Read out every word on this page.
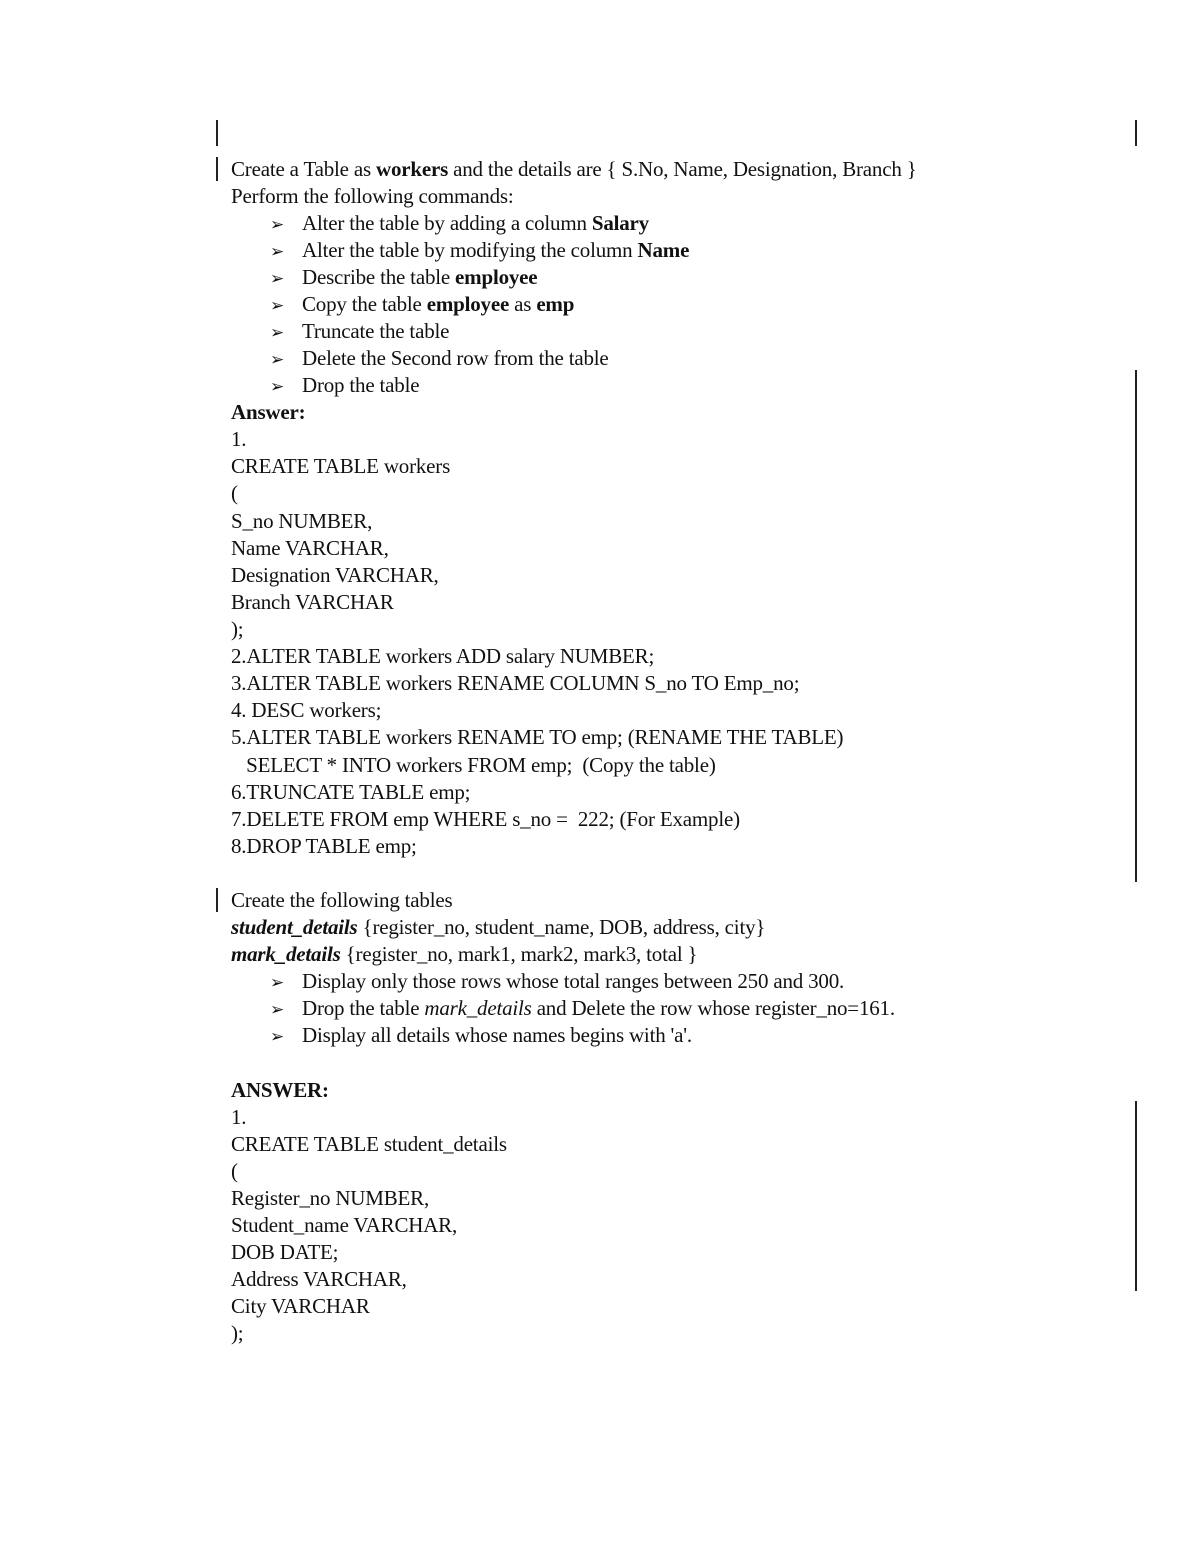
Create a Table as workers and the details are { S.No, Name, Designation, Branch }
Perform the following commands:
➢ Alter the table by adding a column Salary
➢ Alter the table by modifying the column Name
➢ Describe the table employee
➢ Copy the table employee as emp
➢ Truncate the table
➢ Delete the Second row from the table
➢ Drop the table
Answer:
1.
CREATE TABLE workers
(
S_no NUMBER,
Name VARCHAR,
Designation VARCHAR,
Branch VARCHAR
);
2.ALTER TABLE workers ADD salary NUMBER;
3.ALTER TABLE workers RENAME COLUMN S_no TO Emp_no;
4. DESC workers;
5.ALTER TABLE workers RENAME TO emp; (RENAME THE TABLE)
SELECT * INTO workers FROM emp;  (Copy the table)
6.TRUNCATE TABLE emp;
7.DELETE FROM emp WHERE s_no =  222; (For Example)
8.DROP TABLE emp;
Create the following tables
student_details {register_no, student_name, DOB, address, city}
mark_details {register_no, mark1, mark2, mark3, total }
➢ Display only those rows whose total ranges between 250 and 300.
➢ Drop the table mark_details and Delete the row whose register_no=161.
➢ Display all details whose names begins with 'a'.
ANSWER:
1.
CREATE TABLE student_details
(
Register_no NUMBER,
Student_name VARCHAR,
DOB DATE;
Address VARCHAR,
City VARCHAR
);
